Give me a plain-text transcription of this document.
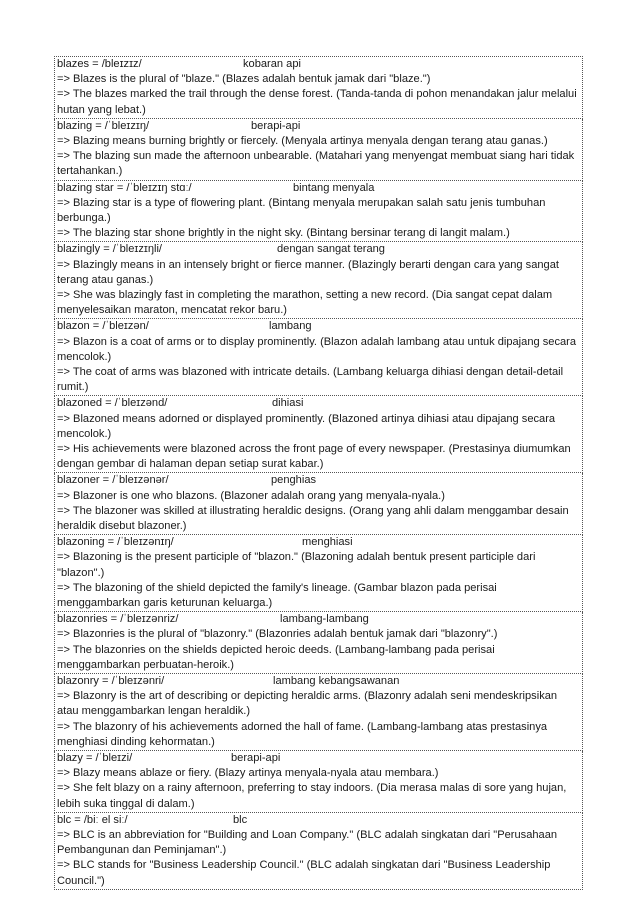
blazes = /bleɪzɪz/	kobaran api
=> Blazes is the plural of "blaze." (Blazes adalah bentuk jamak dari "blaze.")
=> The blazes marked the trail through the dense forest. (Tanda-tanda di pohon menandakan jalur melalui hutan yang lebat.)
blazing = /ˈbleɪzɪŋ/	berapi-api
=> Blazing means burning brightly or fiercely. (Menyala artinya menyala dengan terang atau ganas.)
=> The blazing sun made the afternoon unbearable. (Matahari yang menyengat membuat siang hari tidak tertahankan.)
blazing star = /ˈbleɪzɪŋ stɑː/	bintang menyala
=> Blazing star is a type of flowering plant. (Bintang menyala merupakan salah satu jenis tumbuhan berbunga.)
=> The blazing star shone brightly in the night sky. (Bintang bersinar terang di langit malam.)
blazingly = /ˈbleɪzɪŋli/	dengan sangat terang
=> Blazingly means in an intensely bright or fierce manner. (Blazingly berarti dengan cara yang sangat terang atau ganas.)
=> She was blazingly fast in completing the marathon, setting a new record. (Dia sangat cepat dalam menyelesaikan maraton, mencatat rekor baru.)
blazon = /ˈbleɪzən/	lambang
=> Blazon is a coat of arms or to display prominently. (Blazon adalah lambang atau untuk dipajang secara mencolok.)
=> The coat of arms was blazoned with intricate details. (Lambang keluarga dihiasi dengan detail-detail rumit.)
blazoned = /ˈbleɪzənd/	dihiasi
=> Blazoned means adorned or displayed prominently. (Blazoned artinya dihiasi atau dipajang secara mencolok.)
=> His achievements were blazoned across the front page of every newspaper. (Prestasinya diumumkan dengan gembar di halaman depan setiap surat kabar.)
blazoner = /ˈbleɪzənər/	penghias
=> Blazoner is one who blazons. (Blazoner adalah orang yang menyala-nyala.)
=> The blazoner was skilled at illustrating heraldic designs. (Orang yang ahli dalam menggambar desain heraldik disebut blazoner.)
blazoning = /ˈbleɪzənɪŋ/	menghiasi
=> Blazoning is the present participle of "blazon." (Blazoning adalah bentuk present participle dari "blazon".)
=> The blazoning of the shield depicted the family's lineage. (Gambar blazon pada perisai menggambarkan garis keturunan keluarga.)
blazonries = /ˈbleɪzənriz/	lambang-lambang
=> Blazonries is the plural of "blazonry." (Blazonries adalah bentuk jamak dari "blazonry".)
=> The blazonries on the shields depicted heroic deeds. (Lambang-lambang pada perisai menggambarkan perbuatan-heroik.)
blazonry = /ˈbleɪzənri/	lambang kebangsawanan
=> Blazonry is the art of describing or depicting heraldic arms. (Blazonry adalah seni mendeskripsikan atau menggambarkan lengan heraldik.)
=> The blazonry of his achievements adorned the hall of fame. (Lambang-lambang atas prestasinya menghiasi dinding kehormatan.)
blazy = /ˈbleɪzi/	berapi-api
=> Blazy means ablaze or fiery. (Blazy artinya menyala-nyala atau membara.)
=> She felt blazy on a rainy afternoon, preferring to stay indoors. (Dia merasa malas di sore yang hujan, lebih suka tinggal di dalam.)
blc = /biː el siː/	blc
=> BLC is an abbreviation for "Building and Loan Company." (BLC adalah singkatan dari "Perusahaan Pembangunan dan Peminjaman".)
=> BLC stands for "Business Leadership Council." (BLC adalah singkatan dari "Business Leadership Council.")
